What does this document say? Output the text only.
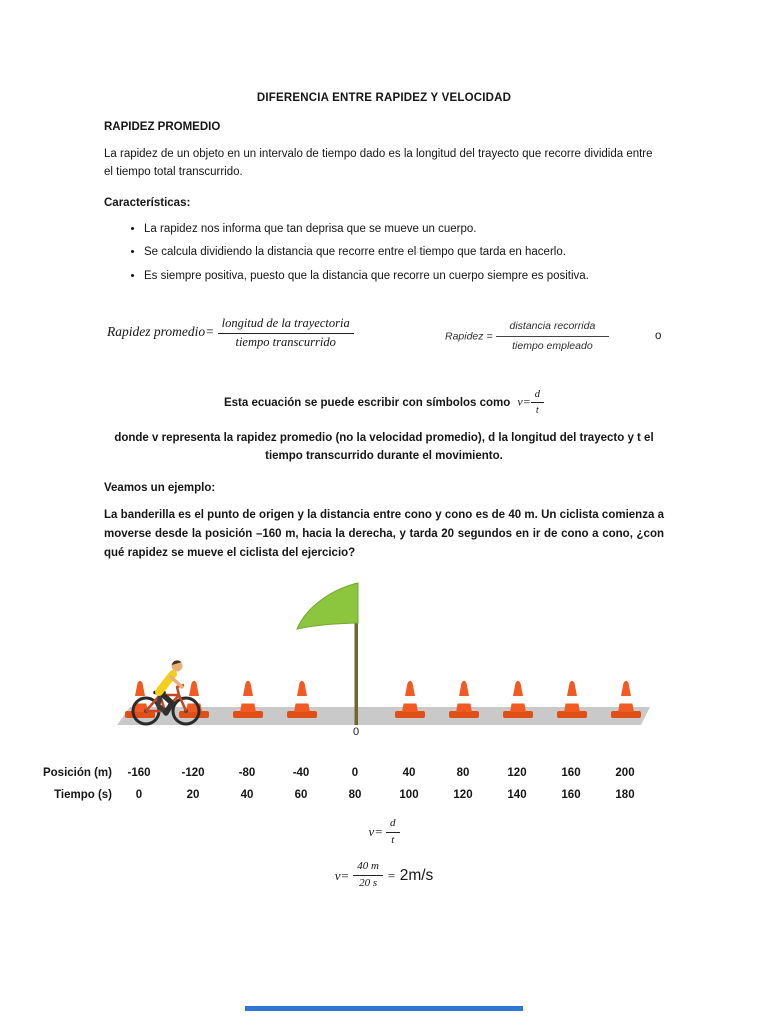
DIFERENCIA ENTRE RAPIDEZ Y VELOCIDAD
RAPIDEZ PROMEDIO
La rapidez de un objeto en un intervalo de tiempo dado es la longitud del trayecto que recorre dividida entre el tiempo total transcurrido.
Características:
• La rapidez nos informa que tan deprisa que se mueve un cuerpo.
• Se calcula dividiendo la distancia que recorre entre el tiempo que tarda en hacerlo.
• Es siempre positiva, puesto que la distancia que recorre un cuerpo siempre es positiva.
Rapidez promedio= $\frac{\text{longitud de la trayectoria}}{\text{tiempo transcurrido}}$	Rapidez = $\frac{\text{distancia recorrida}}{\text{tiempo empleado}}$	o
Esta ecuación se puede escribir con símbolos como $v= \frac{d}{t}$
donde v representa la rapidez promedio (no la velocidad promedio), d la longitud del trayecto y t el tiempo transcurrido durante el movimiento.
Veamos un ejemplo:
La banderilla es el punto de origen y la distancia entre cono y cono es de 40 m. Un ciclista comienza a moverse desde la posición –160 m, hacia la derecha, y tarda 20 segundos en ir de cono a cono, ¿con qué rapidez se mueve el ciclista del ejercicio?
0
Posición (m)	-160	-120	-80	-40	0	40	80	120	160	200
Tiempo (s)	0	20	40	60	80	100	120	140	160	180
$v= \frac{d}{t}$
$v= \frac{40 m}{20 s} = 2m/s$
